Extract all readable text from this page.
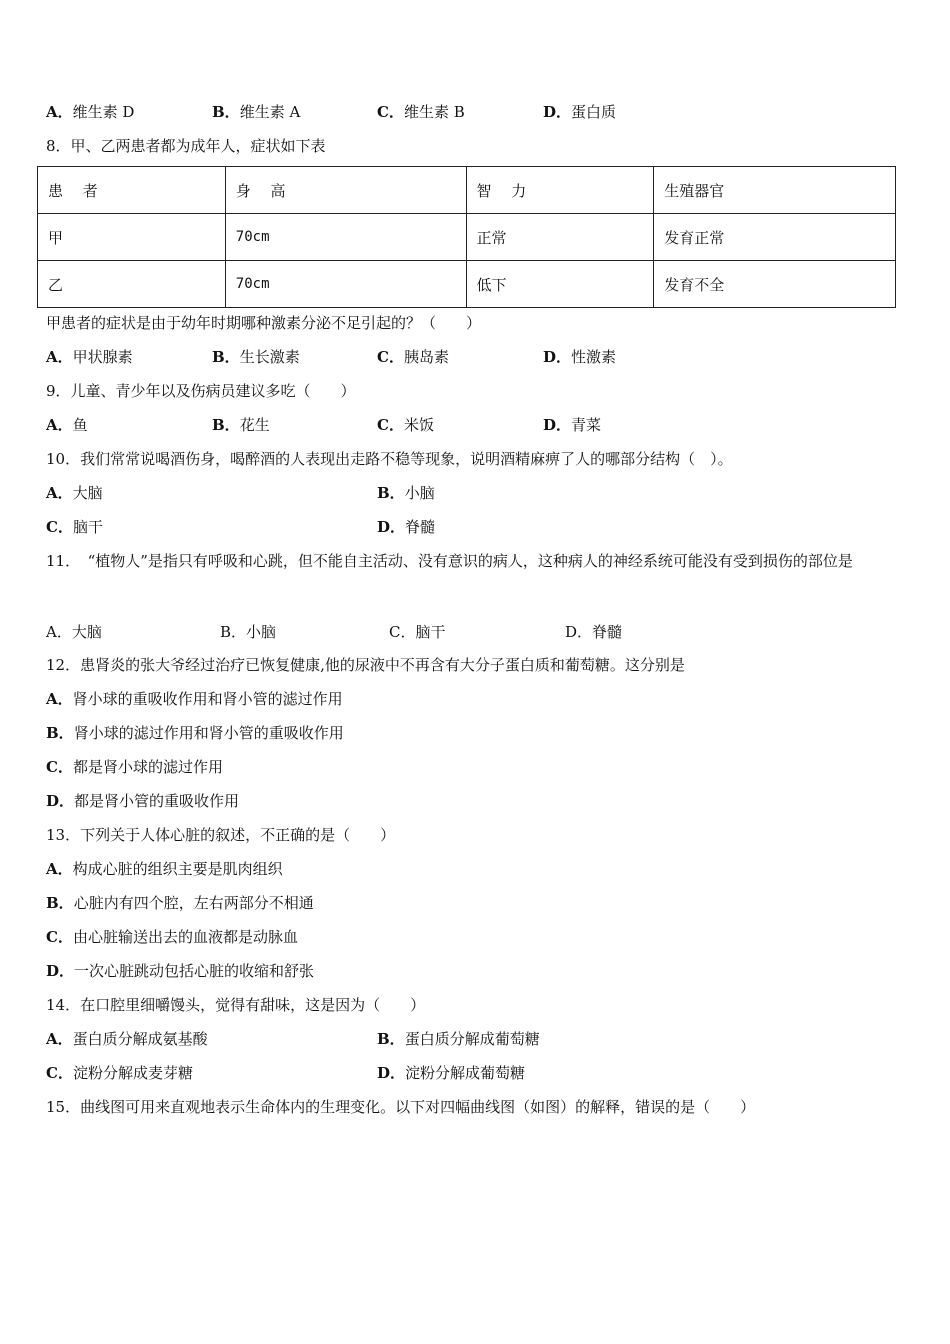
A．维生素 D	B．维生素 A	C．维生素 B	D．蛋白质
8．甲、乙两患者都为成年人，症状如下表
患　 者	身　 高	智　 力	生殖器官
甲	70cm	正常	发育正常
乙	70cm	低下	发育不全
甲患者的症状是由于幼年时期哪种激素分泌不足引起的？（　　）
A．甲状腺素	B．生长激素	C．胰岛素	D．性激素
9．儿童、青少年以及伤病员建议多吃（　　）
A．鱼	B．花生	C．米饭	D．青菜
10．我们常常说喝酒伤身，喝醉酒的人表现出走路不稳等现象，说明酒精麻痹了人的哪部分结构（　）。
A．大脑	B．小脑
C．脑干	D．脊髓
11．　“植物人”是指只有呼吸和心跳，但不能自主活动、没有意识的病人，这种病人的神经系统可能没有受到损伤的部位是
A．大脑	B．小脑	C．脑干	D．脊髓
12．患肾炎的张大爷经过治疗已恢复健康,他的尿液中不再含有大分子蛋白质和葡萄糖。这分别是
A．肾小球的重吸收作用和肾小管的滤过作用
B．肾小球的滤过作用和肾小管的重吸收作用
C．都是肾小球的滤过作用
D．都是肾小管的重吸收作用
13．下列关于人体心脏的叙述，不正确的是（　　）
A．构成心脏的组织主要是肌肉组织
B．心脏内有四个腔，左右两部分不相通
C．由心脏输送出去的血液都是动脉血
D．一次心脏跳动包括心脏的收缩和舒张
14．在口腔里细嚼馒头，觉得有甜味，这是因为（　　）
A．蛋白质分解成氨基酸	B．蛋白质分解成葡萄糖
C．淀粉分解成麦芽糖	D．淀粉分解成葡萄糖
15．曲线图可用来直观地表示生命体内的生理变化。以下对四幅曲线图（如图）的解释，错误的是（　　）
